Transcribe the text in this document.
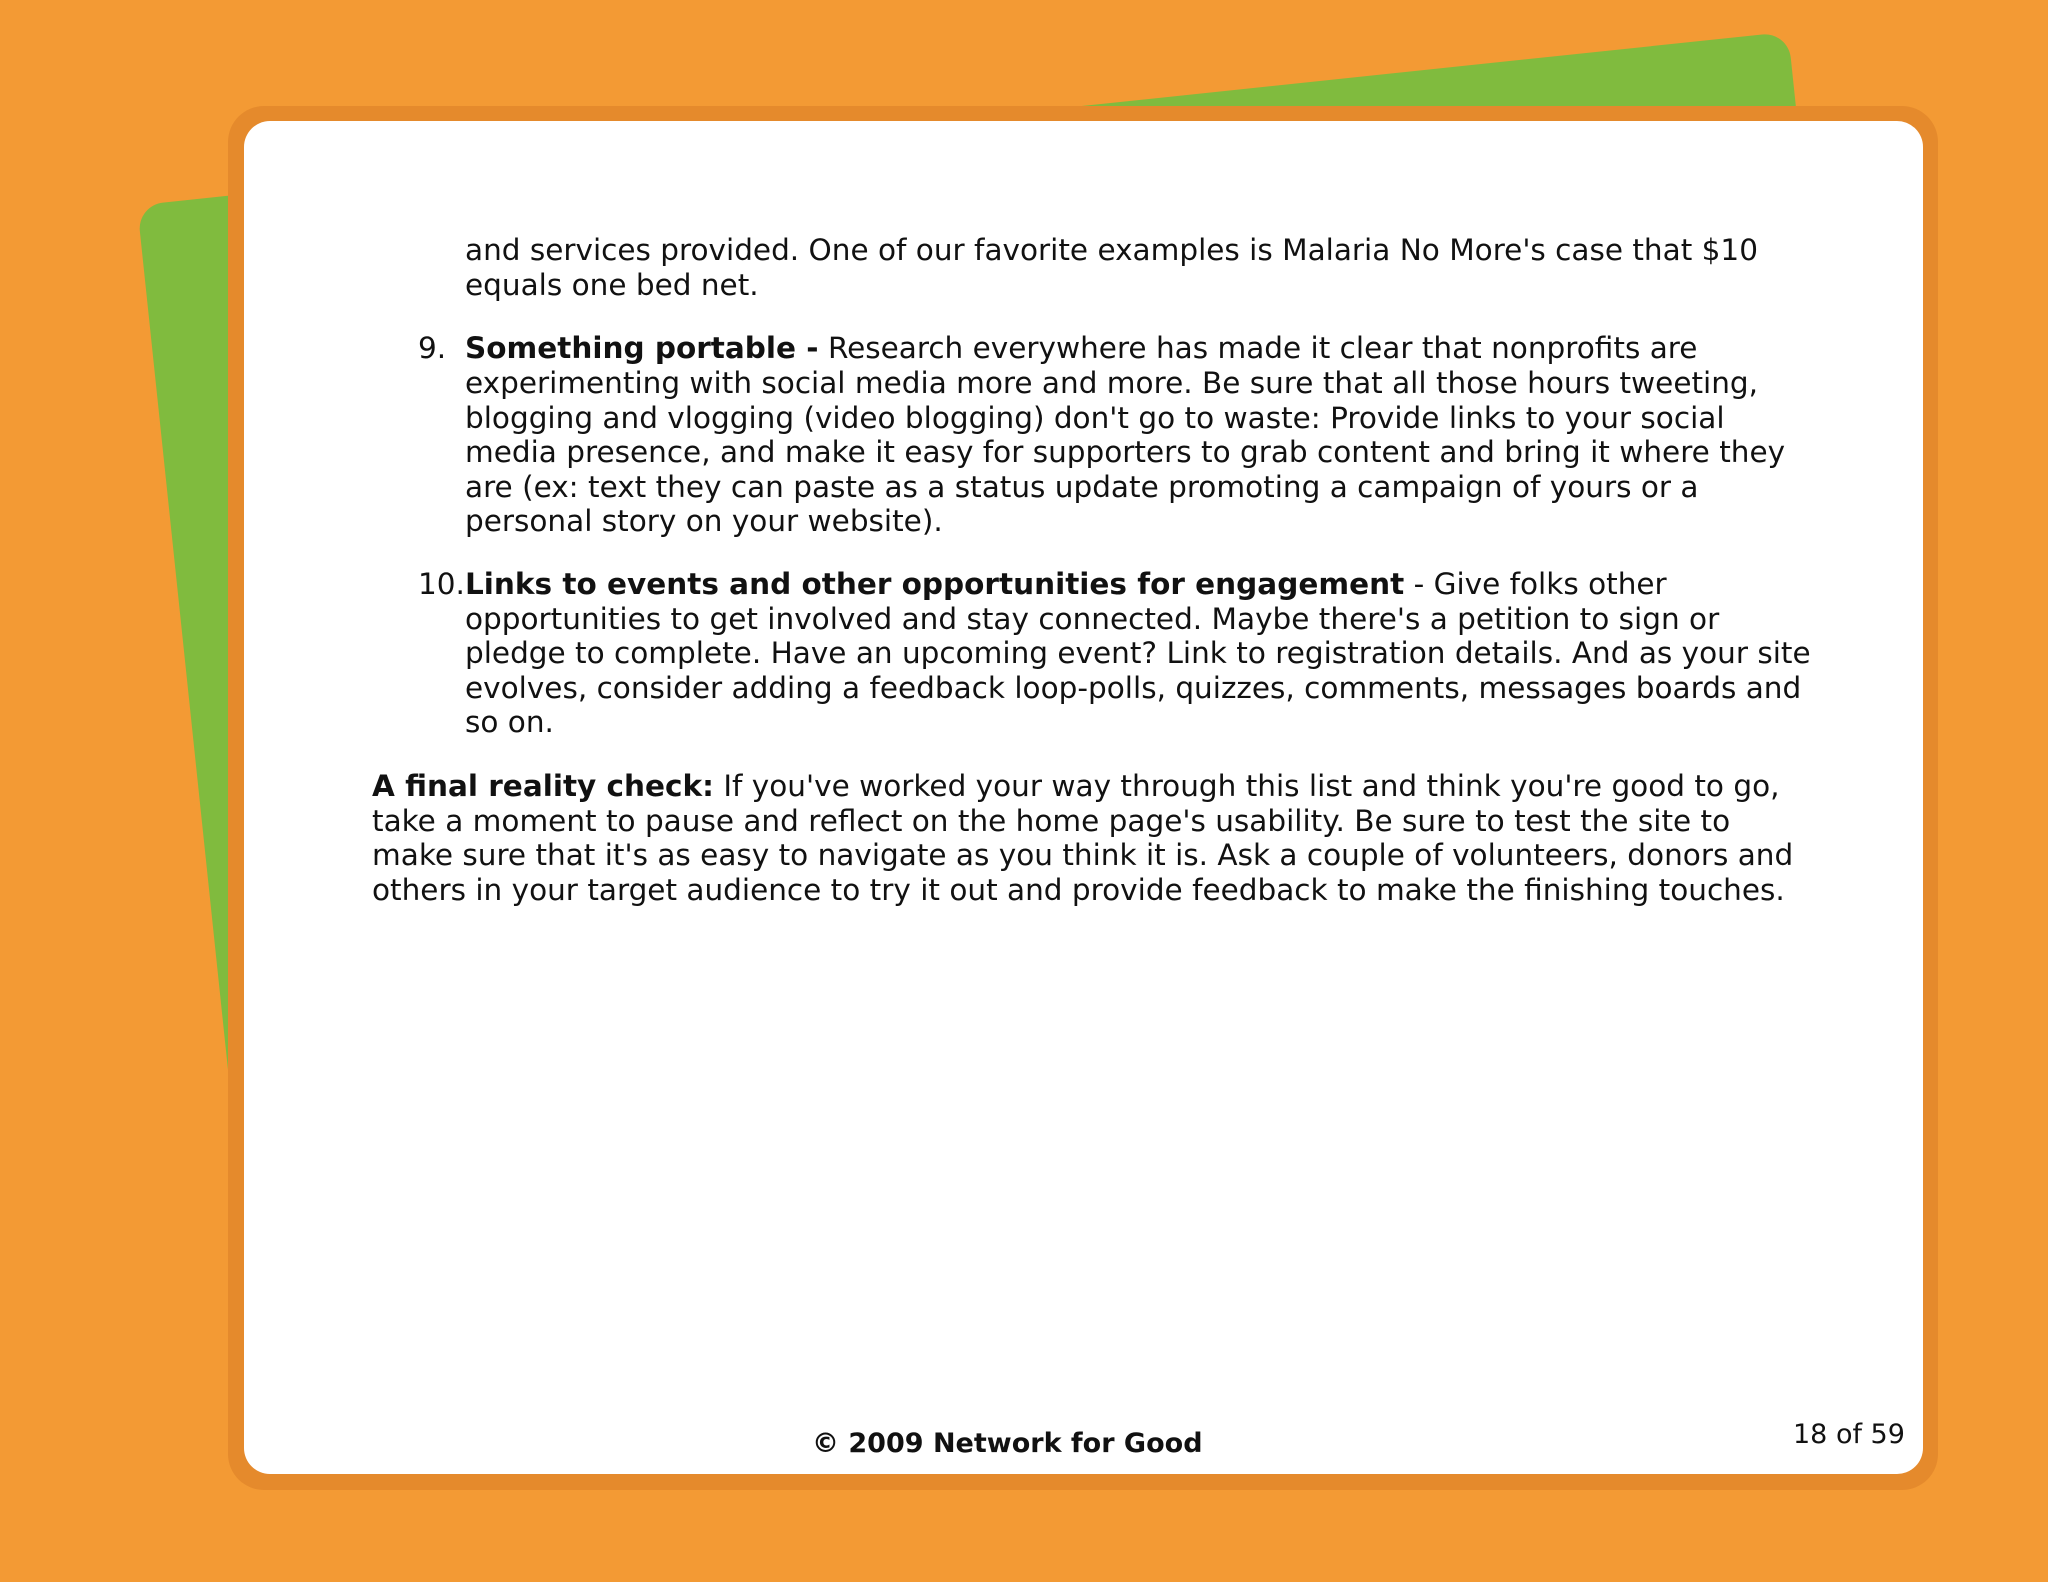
and services provided. One of our favorite examples is Malaria No More's case that $10
equals one bed net.
9. Something portable - Research everywhere has made it clear that nonprofits are
experimenting with social media more and more. Be sure that all those hours tweeting,
blogging and vlogging (video blogging) don't go to waste: Provide links to your social
media presence, and make it easy for supporters to grab content and bring it where they
are (ex: text they can paste as a status update promoting a campaign of yours or a
personal story on your website).
10. Links to events and other opportunities for engagement - Give folks other
opportunities to get involved and stay connected. Maybe there's a petition to sign or
pledge to complete. Have an upcoming event? Link to registration details. And as your site
evolves, consider adding a feedback loop-polls, quizzes, comments, messages boards and
so on.
A final reality check: If you've worked your way through this list and think you're good to go,
take a moment to pause and reflect on the home page's usability. Be sure to test the site to
make sure that it's as easy to navigate as you think it is. Ask a couple of volunteers, donors and
others in your target audience to try it out and provide feedback to make the finishing touches.
© 2009 Network for Good	18 of 59
